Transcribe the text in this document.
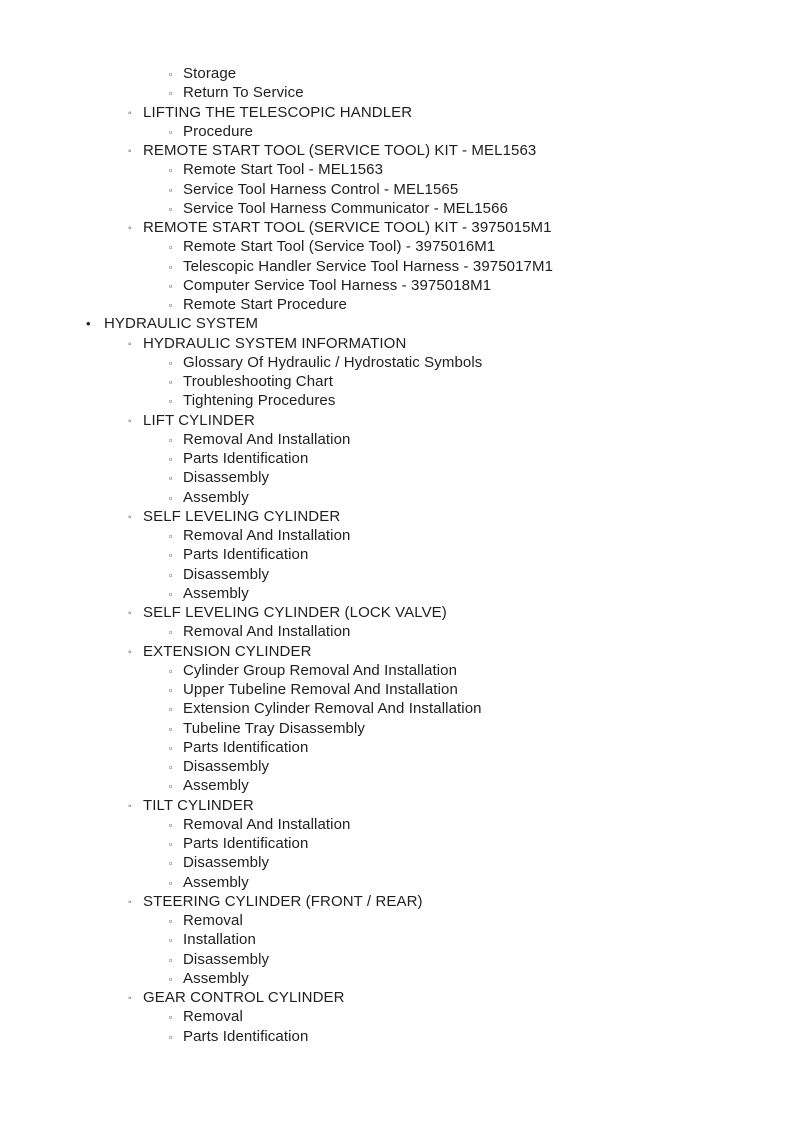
▫ Storage
▫ Return To Service
◦ LIFTING THE TELESCOPIC HANDLER
▫ Procedure
◦ REMOTE START TOOL (SERVICE TOOL) KIT - MEL1563
▫ Remote Start Tool - MEL1563
▫ Service Tool Harness Control - MEL1565
▫ Service Tool Harness Communicator - MEL1566
◦ REMOTE START TOOL (SERVICE TOOL) KIT - 3975015M1
▫ Remote Start Tool (Service Tool) - 3975016M1
▫ Telescopic Handler Service Tool Harness - 3975017M1
▫ Computer Service Tool Harness - 3975018M1
▫ Remote Start Procedure
• HYDRAULIC SYSTEM
◦ HYDRAULIC SYSTEM INFORMATION
▫ Glossary Of Hydraulic / Hydrostatic Symbols
▫ Troubleshooting Chart
▫ Tightening Procedures
◦ LIFT CYLINDER
▫ Removal And Installation
▫ Parts Identification
▫ Disassembly
▫ Assembly
◦ SELF LEVELING CYLINDER
▫ Removal And Installation
▫ Parts Identification
▫ Disassembly
▫ Assembly
◦ SELF LEVELING CYLINDER (LOCK VALVE)
▫ Removal And Installation
◦ EXTENSION CYLINDER
▫ Cylinder Group Removal And Installation
▫ Upper Tubeline Removal And Installation
▫ Extension Cylinder Removal And Installation
▫ Tubeline Tray Disassembly
▫ Parts Identification
▫ Disassembly
▫ Assembly
◦ TILT CYLINDER
▫ Removal And Installation
▫ Parts Identification
▫ Disassembly
▫ Assembly
◦ STEERING CYLINDER (FRONT / REAR)
▫ Removal
▫ Installation
▫ Disassembly
▫ Assembly
◦ GEAR CONTROL CYLINDER
▫ Removal
▫ Parts Identification
